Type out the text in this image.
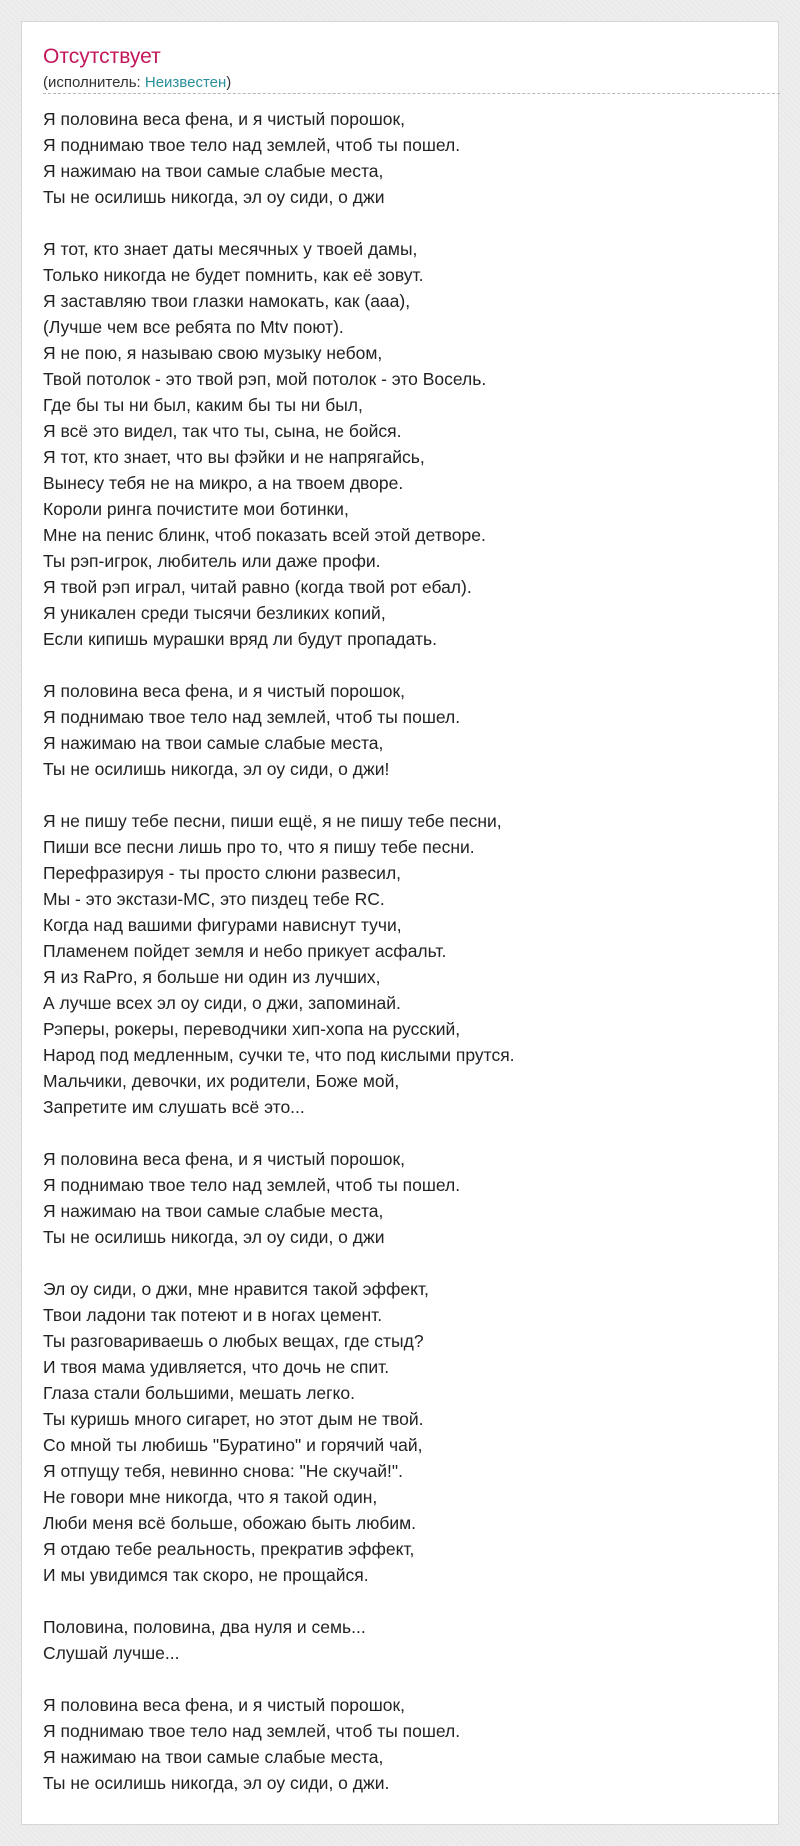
Отсутствует
(исполнитель: Неизвестен)
Я половина веса фена, и я чистый порошок,
Я поднимаю твое тело над землей, чтоб ты пошел.
Я нажимаю на твои самые слабые места,
Ты не осилишь никогда, эл оу сиди, о джи
Я тот, кто знает даты месячных у твоей дамы,
Только никогда не будет помнить, как её зовут.
Я заставляю твои глазки намокать, как (ааа),
(Лучше чем все ребята по Mtv поют).
Я не пою, я называю свою музыку небом,
Твой потолок - это твой рэп, мой потолок - это Восель.
Где бы ты ни был, каким бы ты ни был,
Я всё это видел, так что ты, сына, не бойся.
Я тот, кто знает, что вы фэйки и не напрягайсь,
Вынесу тебя не на микро, а на твоем дворе.
Короли ринга почистите мои ботинки,
Мне на пенис блинк, чтоб показать всей этой детворе.
Ты рэп-игрок, любитель или даже профи.
Я твой рэп играл, читай равно (когда твой рот ебал).
Я уникален среди тысячи безликих копий,
Если кипишь мурашки вряд ли будут пропадать.
Я половина веса фена, и я чистый порошок,
Я поднимаю твое тело над землей, чтоб ты пошел.
Я нажимаю на твои самые слабые места,
Ты не осилишь никогда, эл оу сиди, о джи!
Я не пишу тебе песни, пиши ещё, я не пишу тебе песни,
Пиши все песни лишь про то, что я пишу тебе песни.
Перефразируя - ты просто слюни развесил,
Мы - это экстази-MC, это пиздец тебе RC.
Когда над вашими фигурами нависнут тучи,
Пламенем пойдет земля и небо прикует асфальт.
Я из RaPro, я больше ни один из лучших,
А лучше всех эл оу сиди, о джи, запоминай.
Рэперы, рокеры, переводчики хип-хопа на русский,
Народ под медленным, сучки те, что под кислыми прутся.
Мальчики, девочки, их родители, Боже мой,
Запретите им слушать всё это...
Я половина веса фена, и я чистый порошок,
Я поднимаю твое тело над землей, чтоб ты пошел.
Я нажимаю на твои самые слабые места,
Ты не осилишь никогда, эл оу сиди, о джи
Эл оу сиди, о джи, мне нравится такой эффект,
Твои ладони так потеют и в ногах цемент.
Ты разговариваешь о любых вещах, где стыд?
И твоя мама удивляется, что дочь не спит.
Глаза стали большими, мешать легко.
Ты куришь много сигарет, но этот дым не твой.
Со мной ты любишь "Буратино" и горячий чай,
Я отпущу тебя, невинно снова: "Не скучай!".
Не говори мне никогда, что я такой один,
Люби меня всё больше, обожаю быть любим.
Я отдаю тебе реальность, прекратив эффект,
И мы увидимся так скоро, не прощайся.
Половина, половина, два нуля и семь...
Слушай лучше...
Я половина веса фена, и я чистый порошок,
Я поднимаю твое тело над землей, чтоб ты пошел.
Я нажимаю на твои самые слабые места,
Ты не осилишь никогда, эл оу сиди, о джи.
